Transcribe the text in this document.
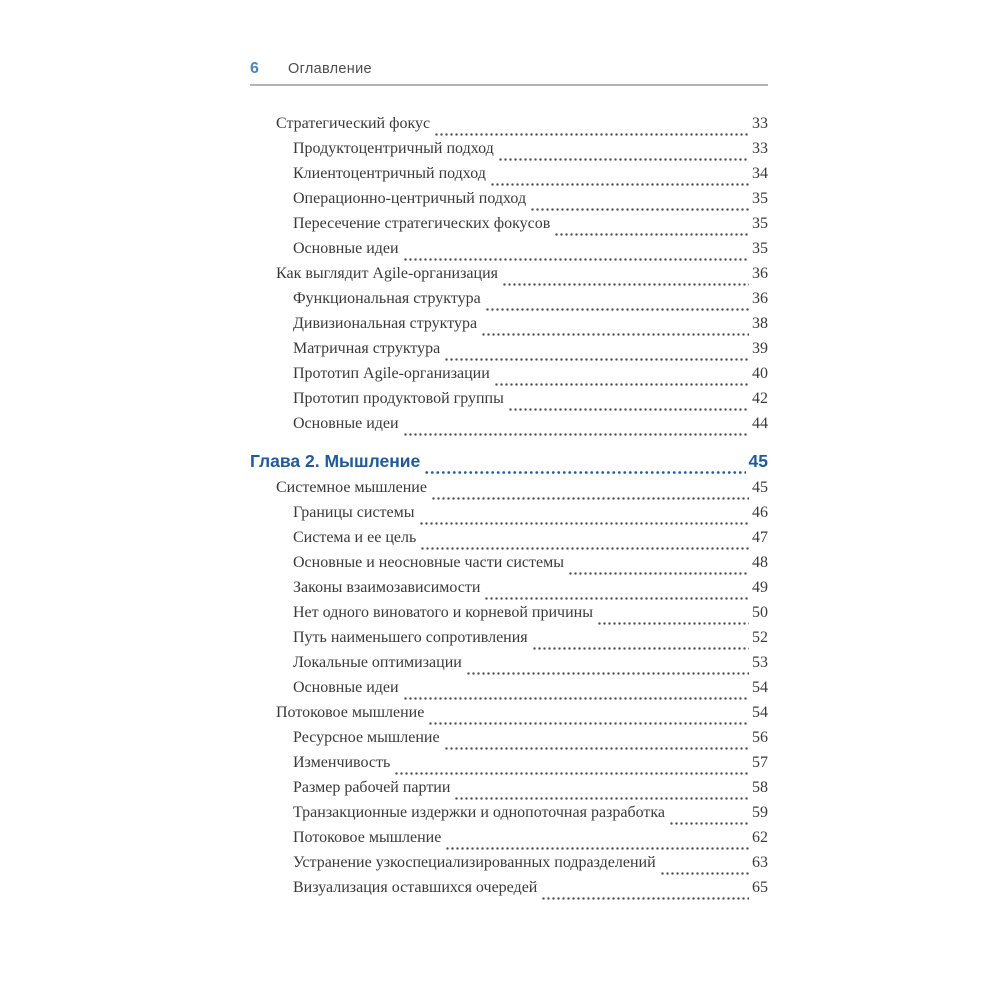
6	Оглавление
Стратегический фокус	33
Продуктоцентричный подход	33
Клиентоцентричный подход	34
Операционно-центричный подход	35
Пересечение стратегических фокусов	35
Основные идеи	35
Как выглядит Agile-организация	36
Функциональная структура	36
Дивизиональная структура	38
Матричная структура	39
Прототип Agile-организации	40
Прототип продуктовой группы	42
Основные идеи	44
Глава 2. Мышление	45
Системное мышление	45
Границы системы	46
Система и ее цель	47
Основные и неосновные части системы	48
Законы взаимозависимости	49
Нет одного виноватого и корневой причины	50
Путь наименьшего сопротивления	52
Локальные оптимизации	53
Основные идеи	54
Потоковое мышление	54
Ресурсное мышление	56
Изменчивость	57
Размер рабочей партии	58
Транзакционные издержки и однопоточная разработка	59
Потоковое мышление	62
Устранение узкоспециализированных подразделений	63
Визуализация оставшихся очередей	65
